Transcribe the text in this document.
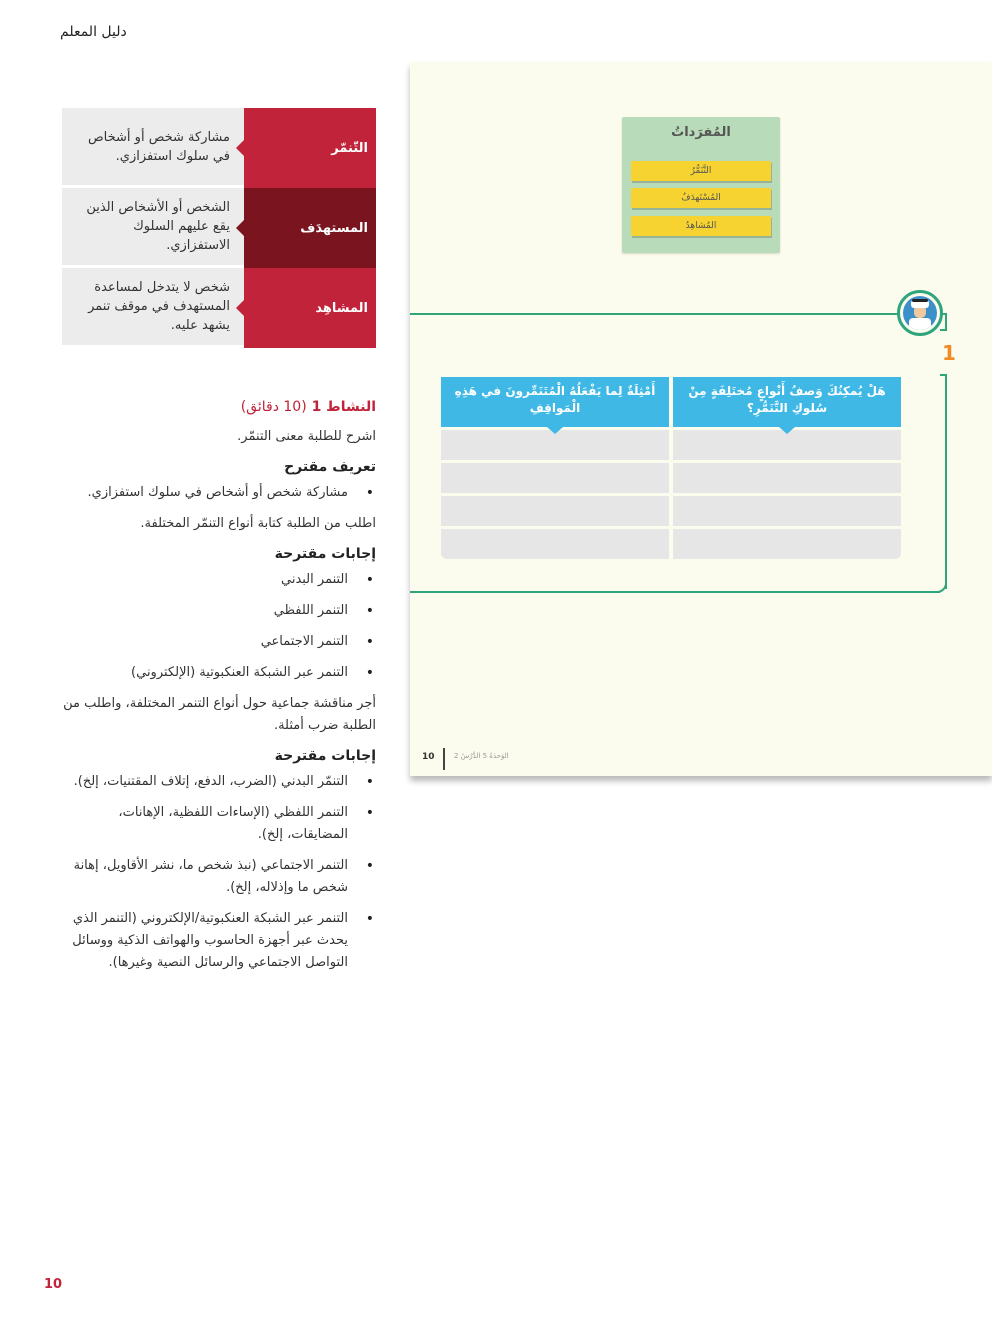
دليل المعلم
التّنمّر
مشاركة شخص أو أشخاص في سلوك استفزازي.
المستهدَف
الشخص أو الأشخاص الذين يقع عليهم السلوك الاستفزازي.
المشاهِد
شخص لا يتدخل لمساعدة المستهدف في موقف تنمر يشهد عليه.
النشاط 1 (10 دقائق)
اشرح للطلبة معنى التنمّر.
تعريف مقترح
• مشاركة شخص أو أشخاص في سلوك استفزازي.
اطلب من الطلبة كتابة أنواع التنمّر المختلفة.
إجابات مقترحة
• التنمر البدني
• التنمر اللفظي
• التنمر الاجتماعي
• التنمر عبر الشبكة العنكبوتية (الإلكتروني)
أجر مناقشة جماعية حول أنواع التنمر المختلفة، واطلب من الطلبة ضرب أمثلة.
إجابات مقترحة
• التنمّر البدني (الضرب، الدفع، إتلاف المقتنيات، إلخ).
• التنمر اللفظي (الإساءات اللفظية، الإهانات، المضايقات، إلخ).
• التنمر الاجتماعي (نبذ شخص ما، نشر الأقاويل، إهانة شخص ما وإذلاله، إلخ).
• التنمر عبر الشبكة العنكبوتية/الإلكتروني (التنمر الذي يحدث عبر أجهزة الحاسوب والهواتف الذكية ووسائل التواصل الاجتماعي والرسائل النصية وغيرها).
10
المُفرَداتُ
التَّنَمُّرُ
المُسْتَهدَفُ
المُشاهِدُ
1
هَلْ يُمكِنُكَ وَصفُ أَنْواعٍ مُختَلِفَةٍ مِنْ سُلوكِ التَّنَمُّرِ؟
أَمْثِلَةٌ لِما يَفْعَلُهُ الْمُتَنَمِّرونَ في هَذِهِ الْمَواقِفِ
10	الوَحدَةُ 5 الدَّرْسُ 2
